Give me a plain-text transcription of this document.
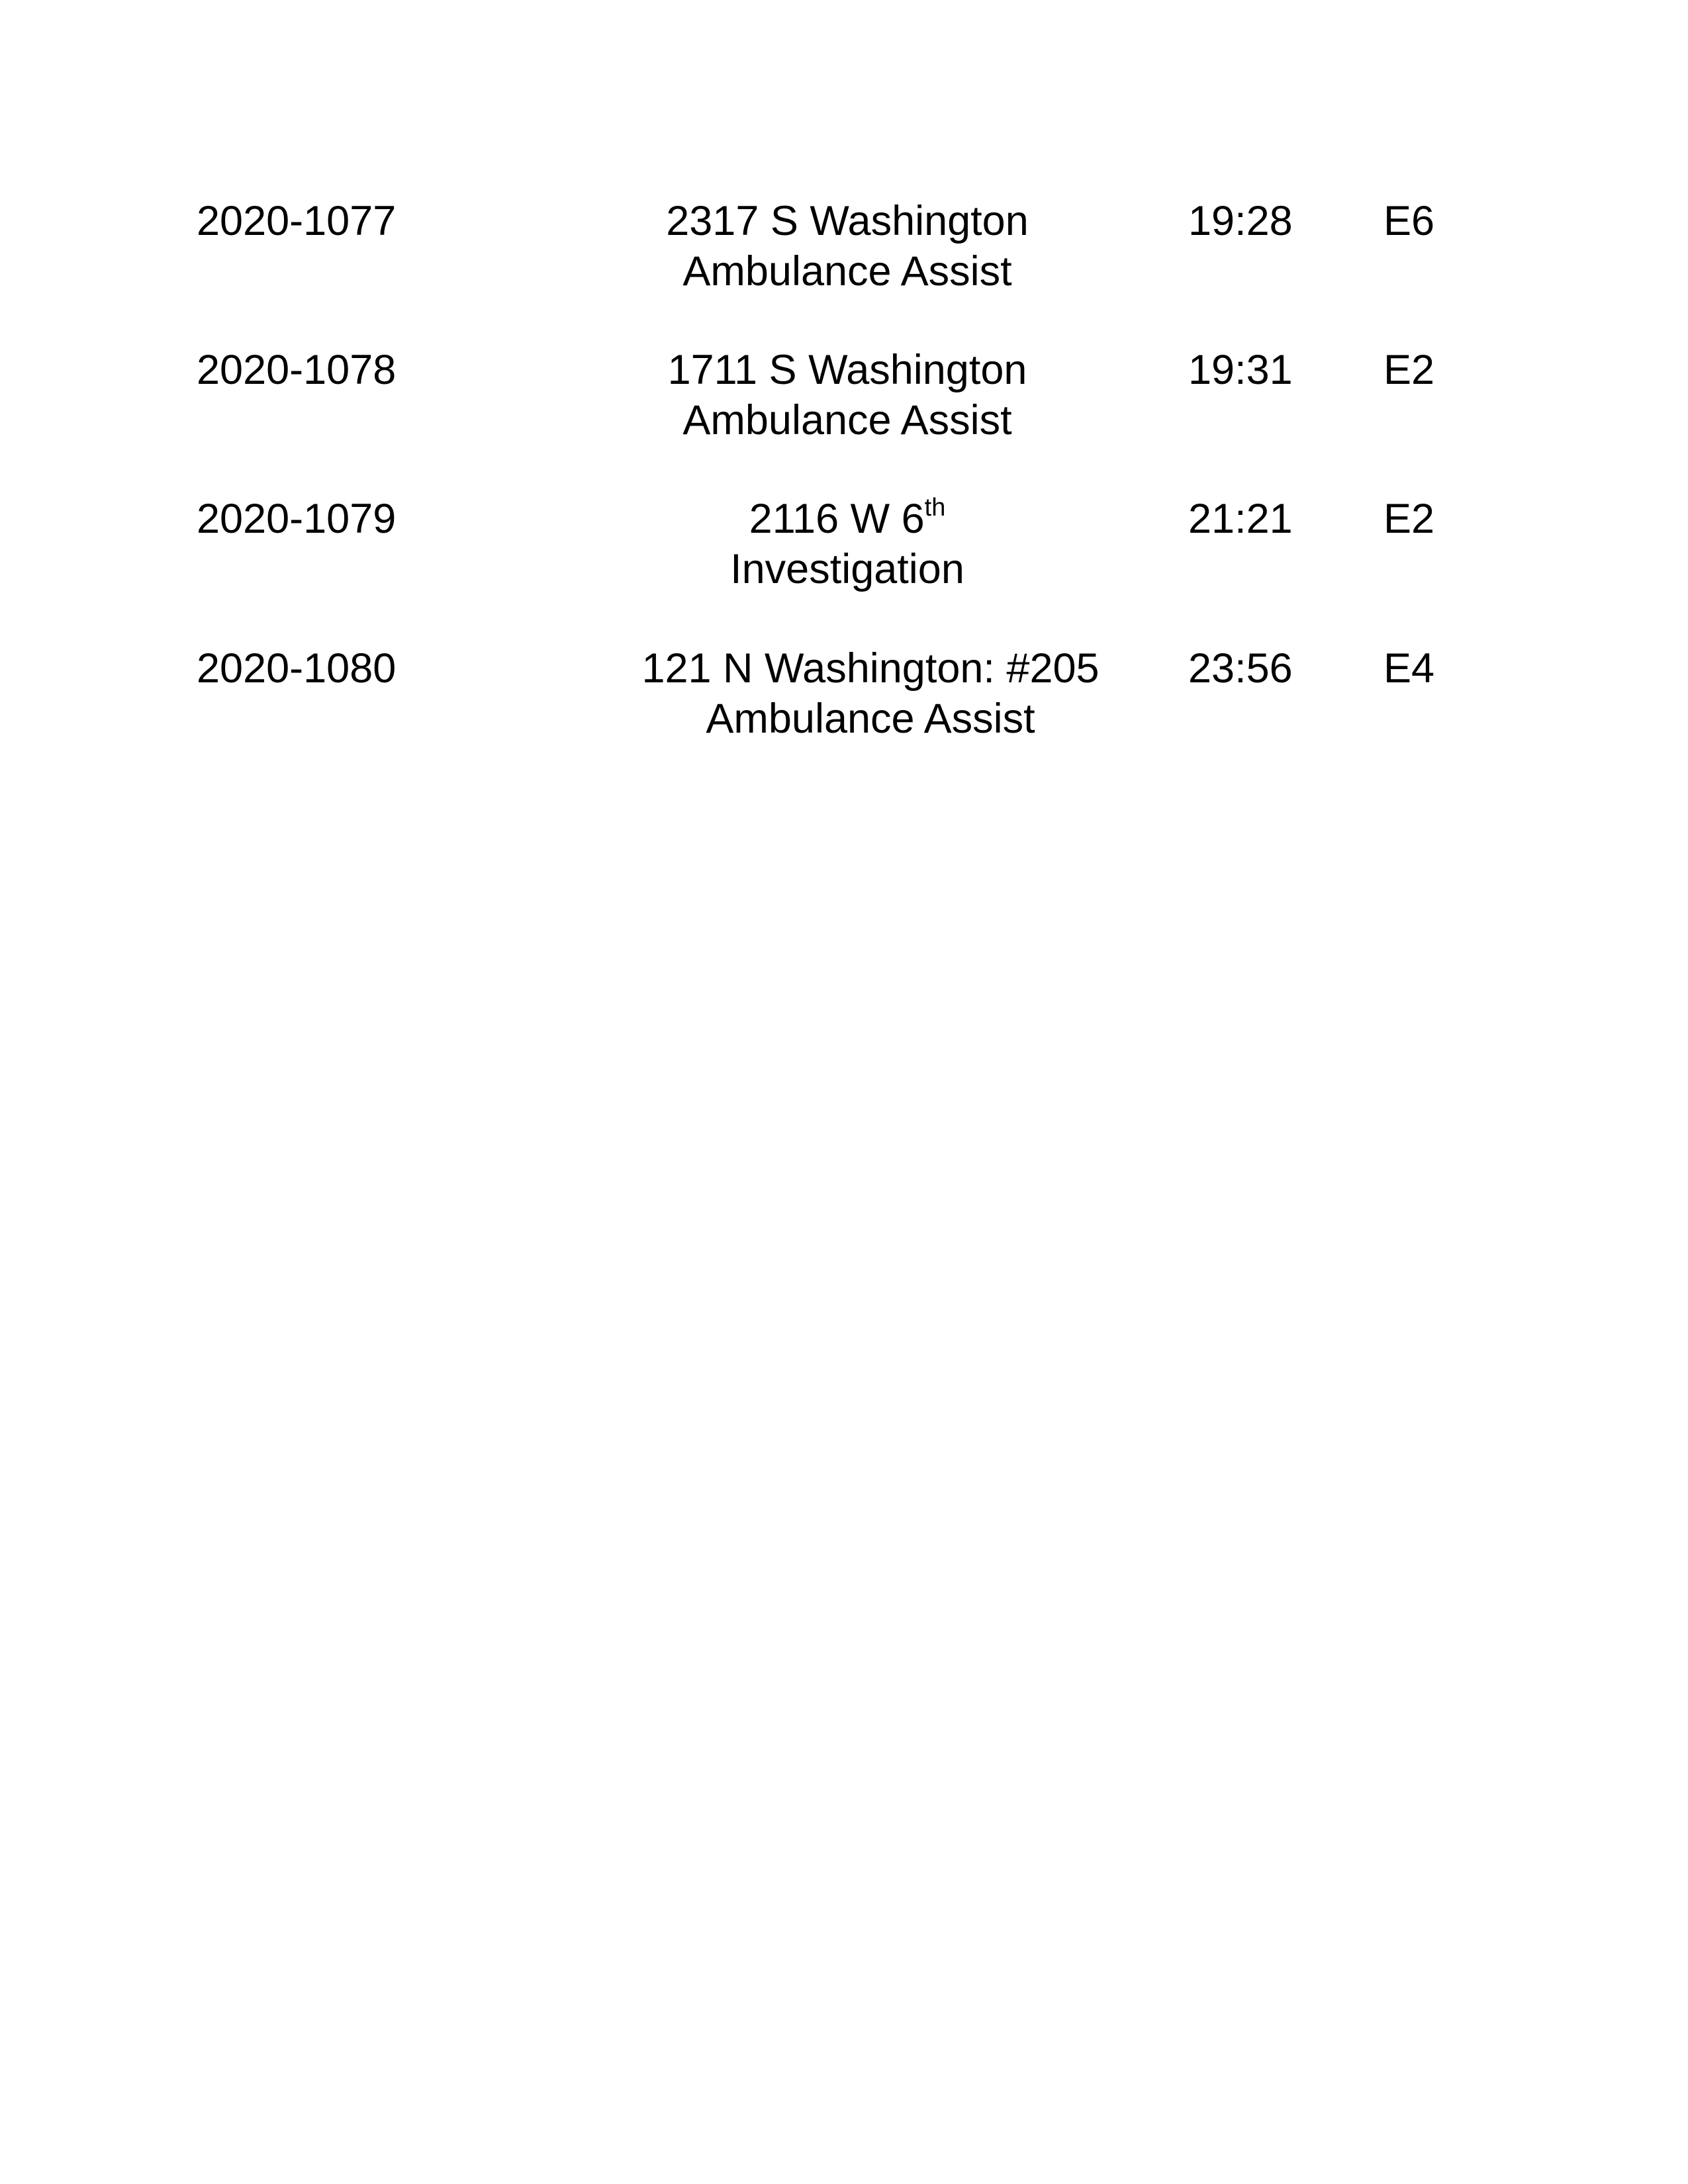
2020-1077	2317 S Washington
Ambulance Assist
19:28 E6
2020-1078	1711 S Washington
Ambulance Assist
19:31 E2
2020-1079	2116 W 6th
Investigation
21:21 E2
2020-1080	121 N Washington: #205
Ambulance Assist
23:56 E4
